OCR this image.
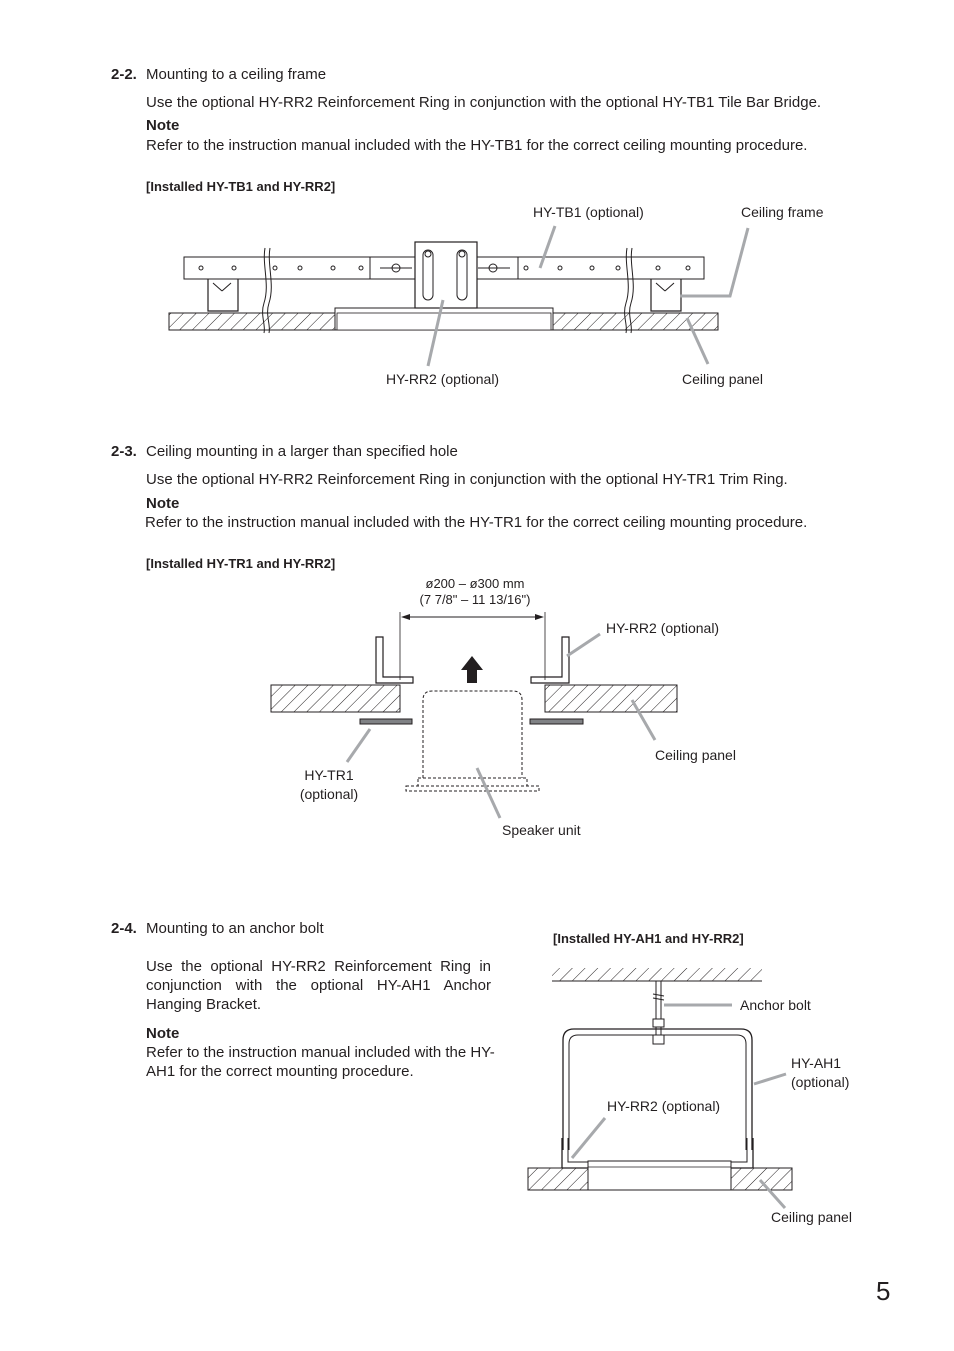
2-2. Mounting to a ceiling frame
Use the optional HY-RR2 Reinforcement Ring in conjunction with the optional HY-TB1 Tile Bar Bridge.
Note
Refer to the instruction manual included with the HY-TB1 for the correct ceiling mounting procedure.
[Installed HY-TB1 and HY-RR2]
HY-TB1 (optional)	Ceiling frame
HY-RR2 (optional)	Ceiling panel
2-3. Ceiling mounting in a larger than specified hole
Use the optional HY-RR2 Reinforcement Ring in conjunction with the optional HY-TR1 Trim Ring.
Note
Refer to the instruction manual included with the HY-TR1 for the correct ceiling mounting procedure.
[Installed HY-TR1 and HY-RR2]
ø200 – ø300 mm
(7 7/8" – 11 13/16")
HY-RR2 (optional)
Ceiling panel
HY-TR1
(optional)
Speaker unit
2-4. Mounting to an anchor bolt
Use the optional HY-RR2 Reinforcement Ring in conjunction with the optional HY-AH1 Anchor Hanging Bracket.
Note
Refer to the instruction manual included with the HY-AH1 for the correct mounting procedure.
[Installed HY-AH1 and HY-RR2]
Anchor bolt
HY-AH1
(optional)
HY-RR2 (optional)
Ceiling panel
5
